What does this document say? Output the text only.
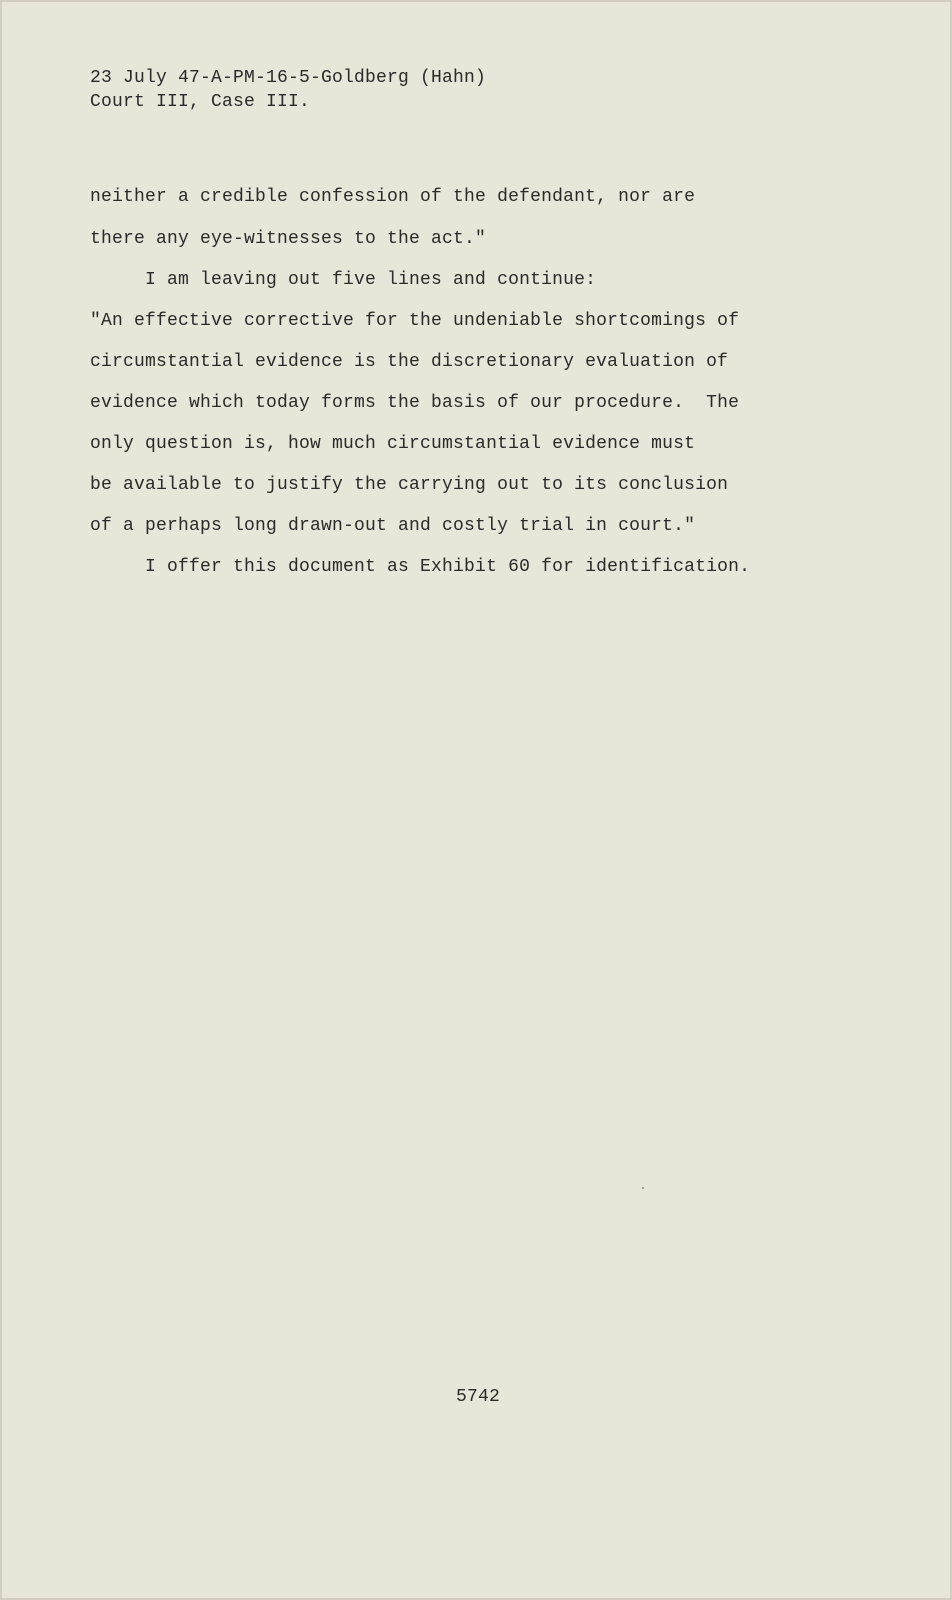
23 July 47-A-PM-16-5-Goldberg (Hahn)
Court III, Case III.

neither a credible confession of the defendant, nor are

there any eye-witnesses to the act."

I am leaving out five lines and continue:

"An effective corrective for the undeniable shortcomings of

circumstantial evidence is the discretionary evaluation of

evidence which today forms the basis of our procedure.  The

only question is, how much circumstantial evidence must

be available to justify the carrying out to its conclusion

of a perhaps long drawn-out and costly trial in court."

I offer this document as Exhibit 60 for identification.

5742
